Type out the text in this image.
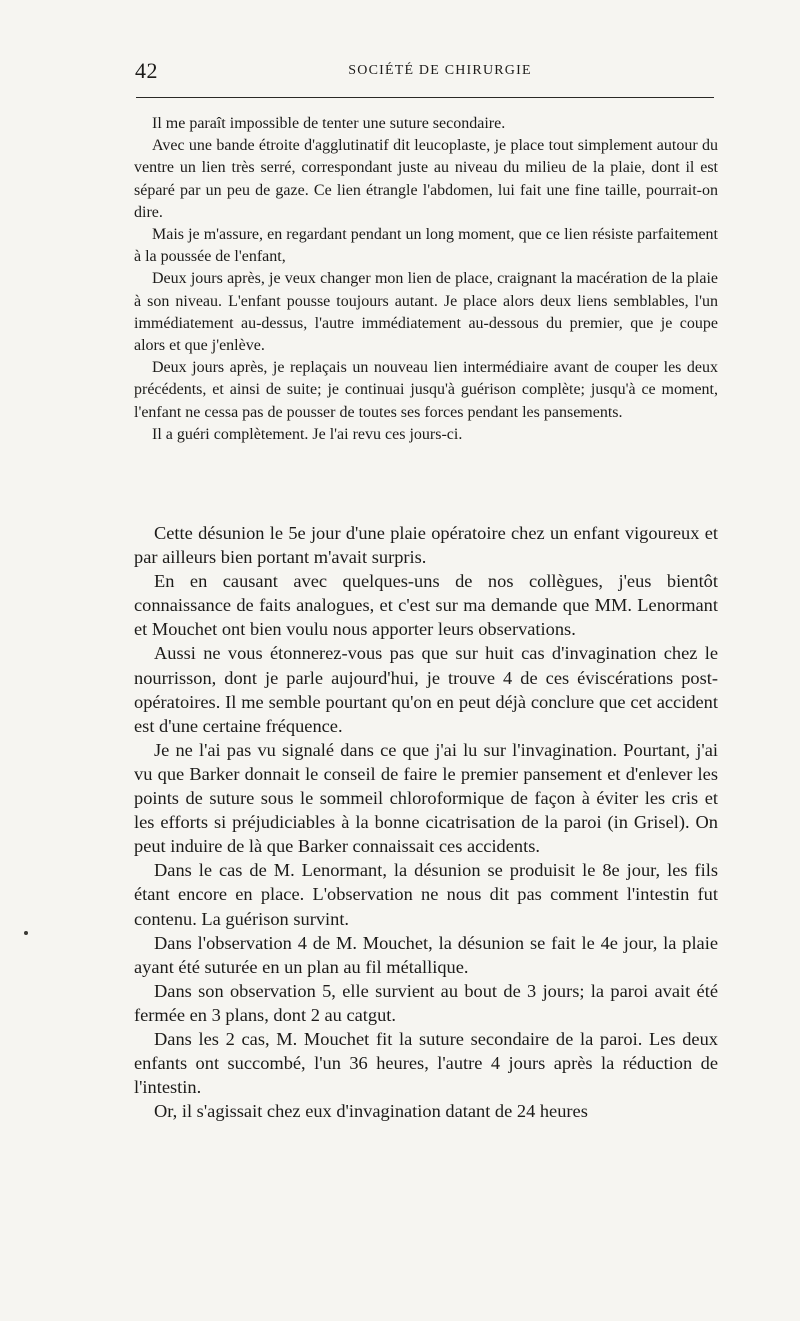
42	SOCIÉTÉ DE CHIRURGIE

Il me paraît impossible de tenter une suture secondaire.

Avec une bande étroite d'agglutinatif dit leucoplaste, je place tout simplement autour du ventre un lien très serré, correspondant juste au niveau du milieu de la plaie, dont il est séparé par un peu de gaze. Ce lien étrangle l'abdomen, lui fait une fine taille, pourrait-on dire.

Mais je m'assure, en regardant pendant un long moment, que ce lien résiste parfaitement à la poussée de l'enfant,

Deux jours après, je veux changer mon lien de place, craignant la macération de la plaie à son niveau. L'enfant pousse toujours autant. Je place alors deux liens semblables, l'un immédiatement au-dessus, l'autre immédiatement au-dessous du premier, que je coupe alors et que j'enlève.

Deux jours après, je replaçais un nouveau lien intermédiaire avant de couper les deux précédents, et ainsi de suite; je continuai jusqu'à guérison complète; jusqu'à ce moment, l'enfant ne cessa pas de pousser de toutes ses forces pendant les pansements.

Il a guéri complètement. Je l'ai revu ces jours-ci.

Cette désunion le 5e jour d'une plaie opératoire chez un enfant vigoureux et par ailleurs bien portant m'avait surpris.

En en causant avec quelques-uns de nos collègues, j'eus bientôt connaissance de faits analogues, et c'est sur ma demande que MM. Lenormant et Mouchet ont bien voulu nous apporter leurs observations.

Aussi ne vous étonnerez-vous pas que sur huit cas d'invagination chez le nourrisson, dont je parle aujourd'hui, je trouve 4 de ces éviscérations post-opératoires. Il me semble pourtant qu'on en peut déjà conclure que cet accident est d'une certaine fréquence.

Je ne l'ai pas vu signalé dans ce que j'ai lu sur l'invagination. Pourtant, j'ai vu que Barker donnait le conseil de faire le premier pansement et d'enlever les points de suture sous le sommeil chloroformique de façon à éviter les cris et les efforts si préjudiciables à la bonne cicatrisation de la paroi (in Grisel). On peut induire de là que Barker connaissait ces accidents.

Dans le cas de M. Lenormant, la désunion se produisit le 8e jour, les fils étant encore en place. L'observation ne nous dit pas comment l'intestin fut contenu. La guérison survint.

Dans l'observation 4 de M. Mouchet, la désunion se fait le 4e jour, la plaie ayant été suturée en un plan au fil métallique.

Dans son observation 5, elle survient au bout de 3 jours; la paroi avait été fermée en 3 plans, dont 2 au catgut.

Dans les 2 cas, M. Mouchet fit la suture secondaire de la paroi. Les deux enfants ont succombé, l'un 36 heures, l'autre 4 jours après la réduction de l'intestin.

Or, il s'agissait chez eux d'invagination datant de 24 heures
